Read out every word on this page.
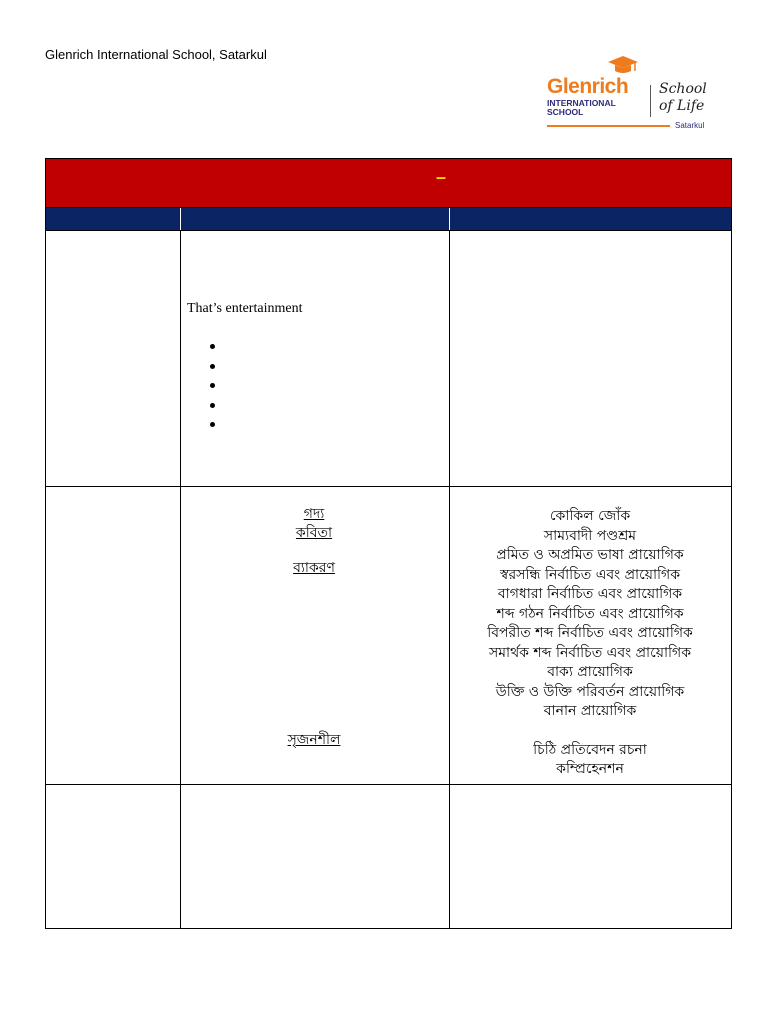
Glenrich International School, Satarkul
Glenrich
INTERNATIONAL
SCHOOL
School
of Life
Satarkul
–
That’s entertainment
গদ্য
কবিতা
ব্যাকরণ
সৃজনশীল
কোকিল জোঁক
সাম্যবাদী পণ্ডশ্রম
প্রমিত ও অপ্রমিত ভাষা প্রায়োগিক
স্বরসন্ধি নির্বাচিত এবং প্রায়োগিক
বাগধারা নির্বাচিত এবং প্রায়োগিক
শব্দ গঠন নির্বাচিত এবং প্রায়োগিক
বিপরীত শব্দ নির্বাচিত এবং প্রায়োগিক
সমার্থক শব্দ নির্বাচিত এবং প্রায়োগিক
বাক্য প্রায়োগিক
উক্তি ও উক্তি পরিবর্তন প্রায়োগিক
বানান প্রায়োগিক
চিঠি প্রতিবেদন রচনা
কম্প্রিহেনশন
